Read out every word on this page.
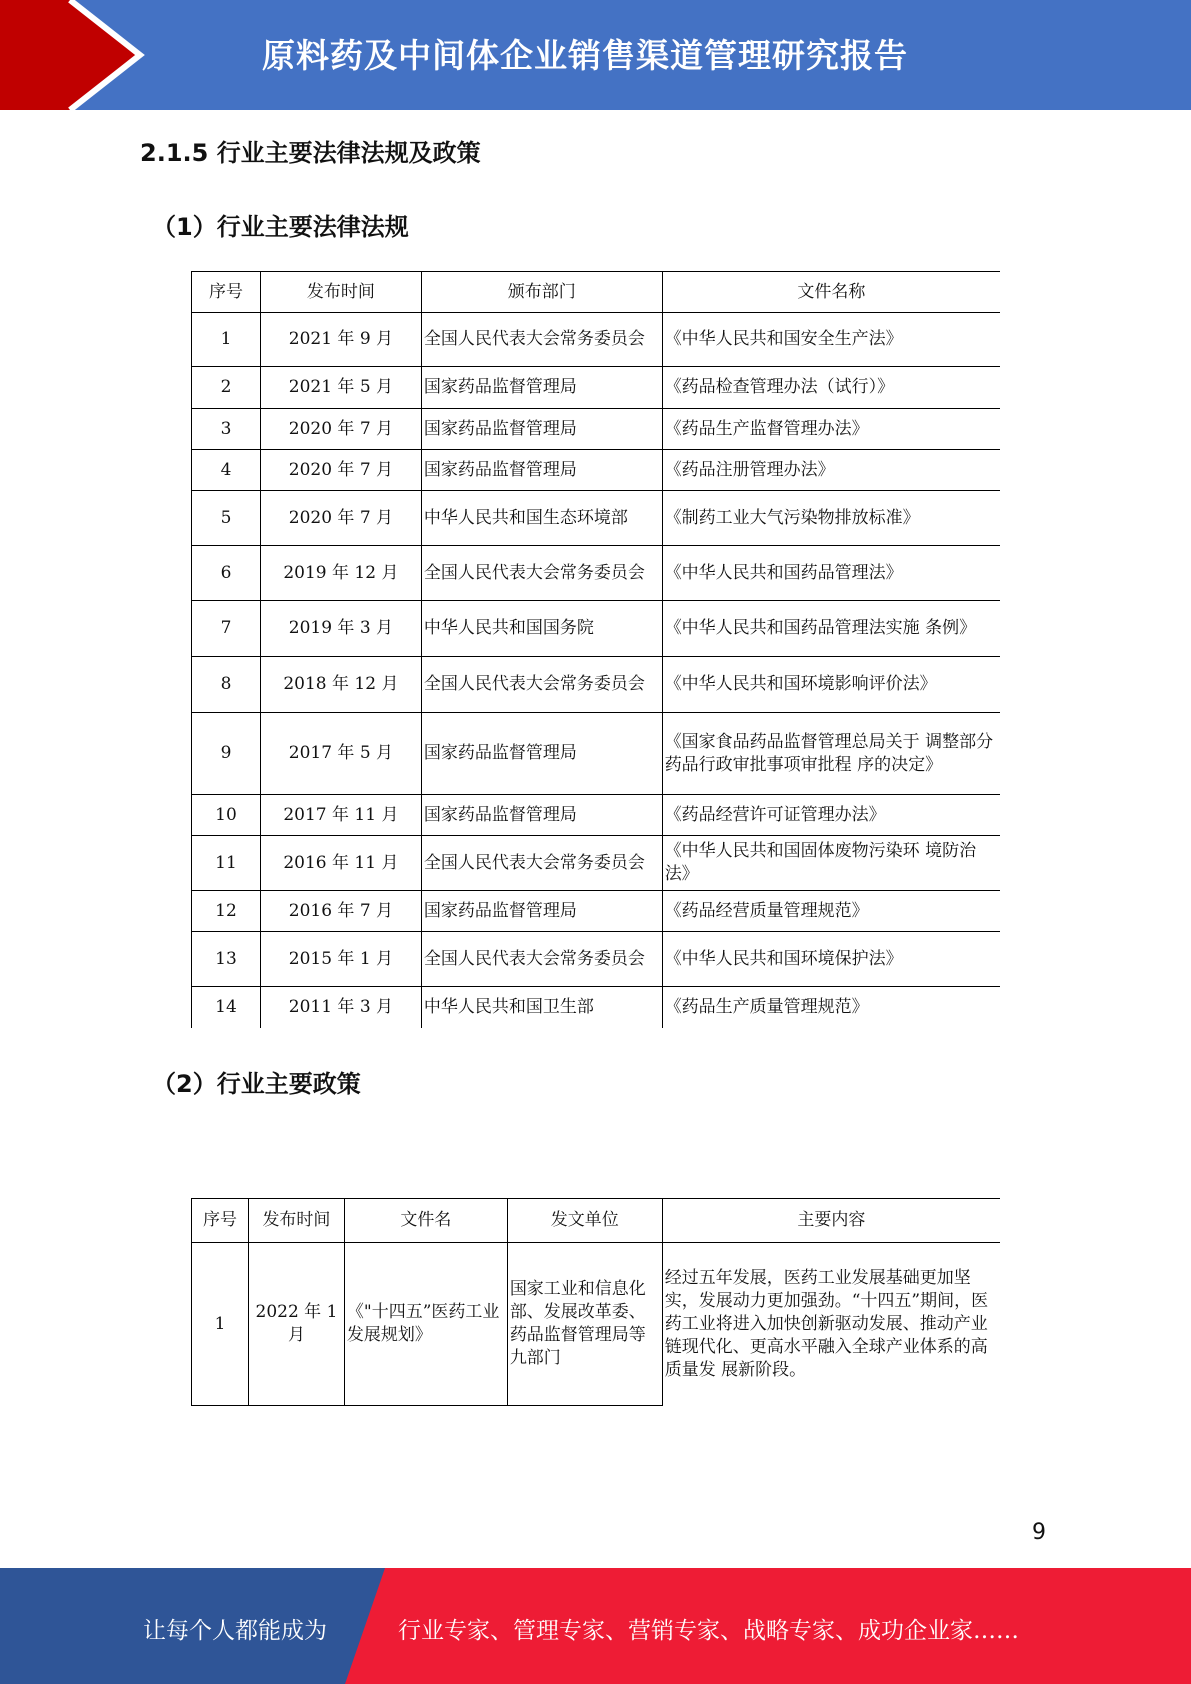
原料药及中间体企业销售渠道管理研究报告
2.1.5 行业主要法律法规及政策
（1）行业主要法律法规
序号	发布时间	颁布部门	文件名称
1	2021 年 9 月	全国人民代表大会常务委员会	《中华人民共和国安全生产法》
2	2021 年 5 月	国家药品监督管理局	《药品检查管理办法（试行）》
3	2020 年 7 月	国家药品监督管理局	《药品生产监督管理办法》
4	2020 年 7 月	国家药品监督管理局	《药品注册管理办法》
5	2020 年 7 月	中华人民共和国生态环境部	《制药工业大气污染物排放标准》
6	2019 年 12 月	全国人民代表大会常务委员会	《中华人民共和国药品管理法》
7	2019 年 3 月	中华人民共和国国务院	《中华人民共和国药品管理法实施 条例》
8	2018 年 12 月	全国人民代表大会常务委员会	《中华人民共和国环境影响评价法》
9	2017 年 5 月	国家药品监督管理局	《国家食品药品监督管理总局关于 调整部分药品行政审批事项审批程 序的决定》
10	2017 年 11 月	国家药品监督管理局	《药品经营许可证管理办法》
11	2016 年 11 月	全国人民代表大会常务委员会	《中华人民共和国固体废物污染环 境防治法》
12	2016 年 7 月	国家药品监督管理局	《药品经营质量管理规范》
13	2015 年 1 月	全国人民代表大会常务委员会	《中华人民共和国环境保护法》
14	2011 年 3 月	中华人民共和国卫生部	《药品生产质量管理规范》
（2）行业主要政策
序号	发布时间	文件名	发文单位	主要内容
1	2022 年 1 月	《"十四五”医药工业发展规划》	国家工业和信息化部、发展改革委、药品监督管理局等九部门	经过五年发展，医药工业发展基础更加坚实，发展动力更加强劲。“十四五”期间，医药工业将进入加快创新驱动发展、推动产业链现代化、更高水平融入全球产业体系的高质量发 展新阶段。
9
让每个人都能成为	行业专家、管理专家、营销专家、战略专家、成功企业家……
